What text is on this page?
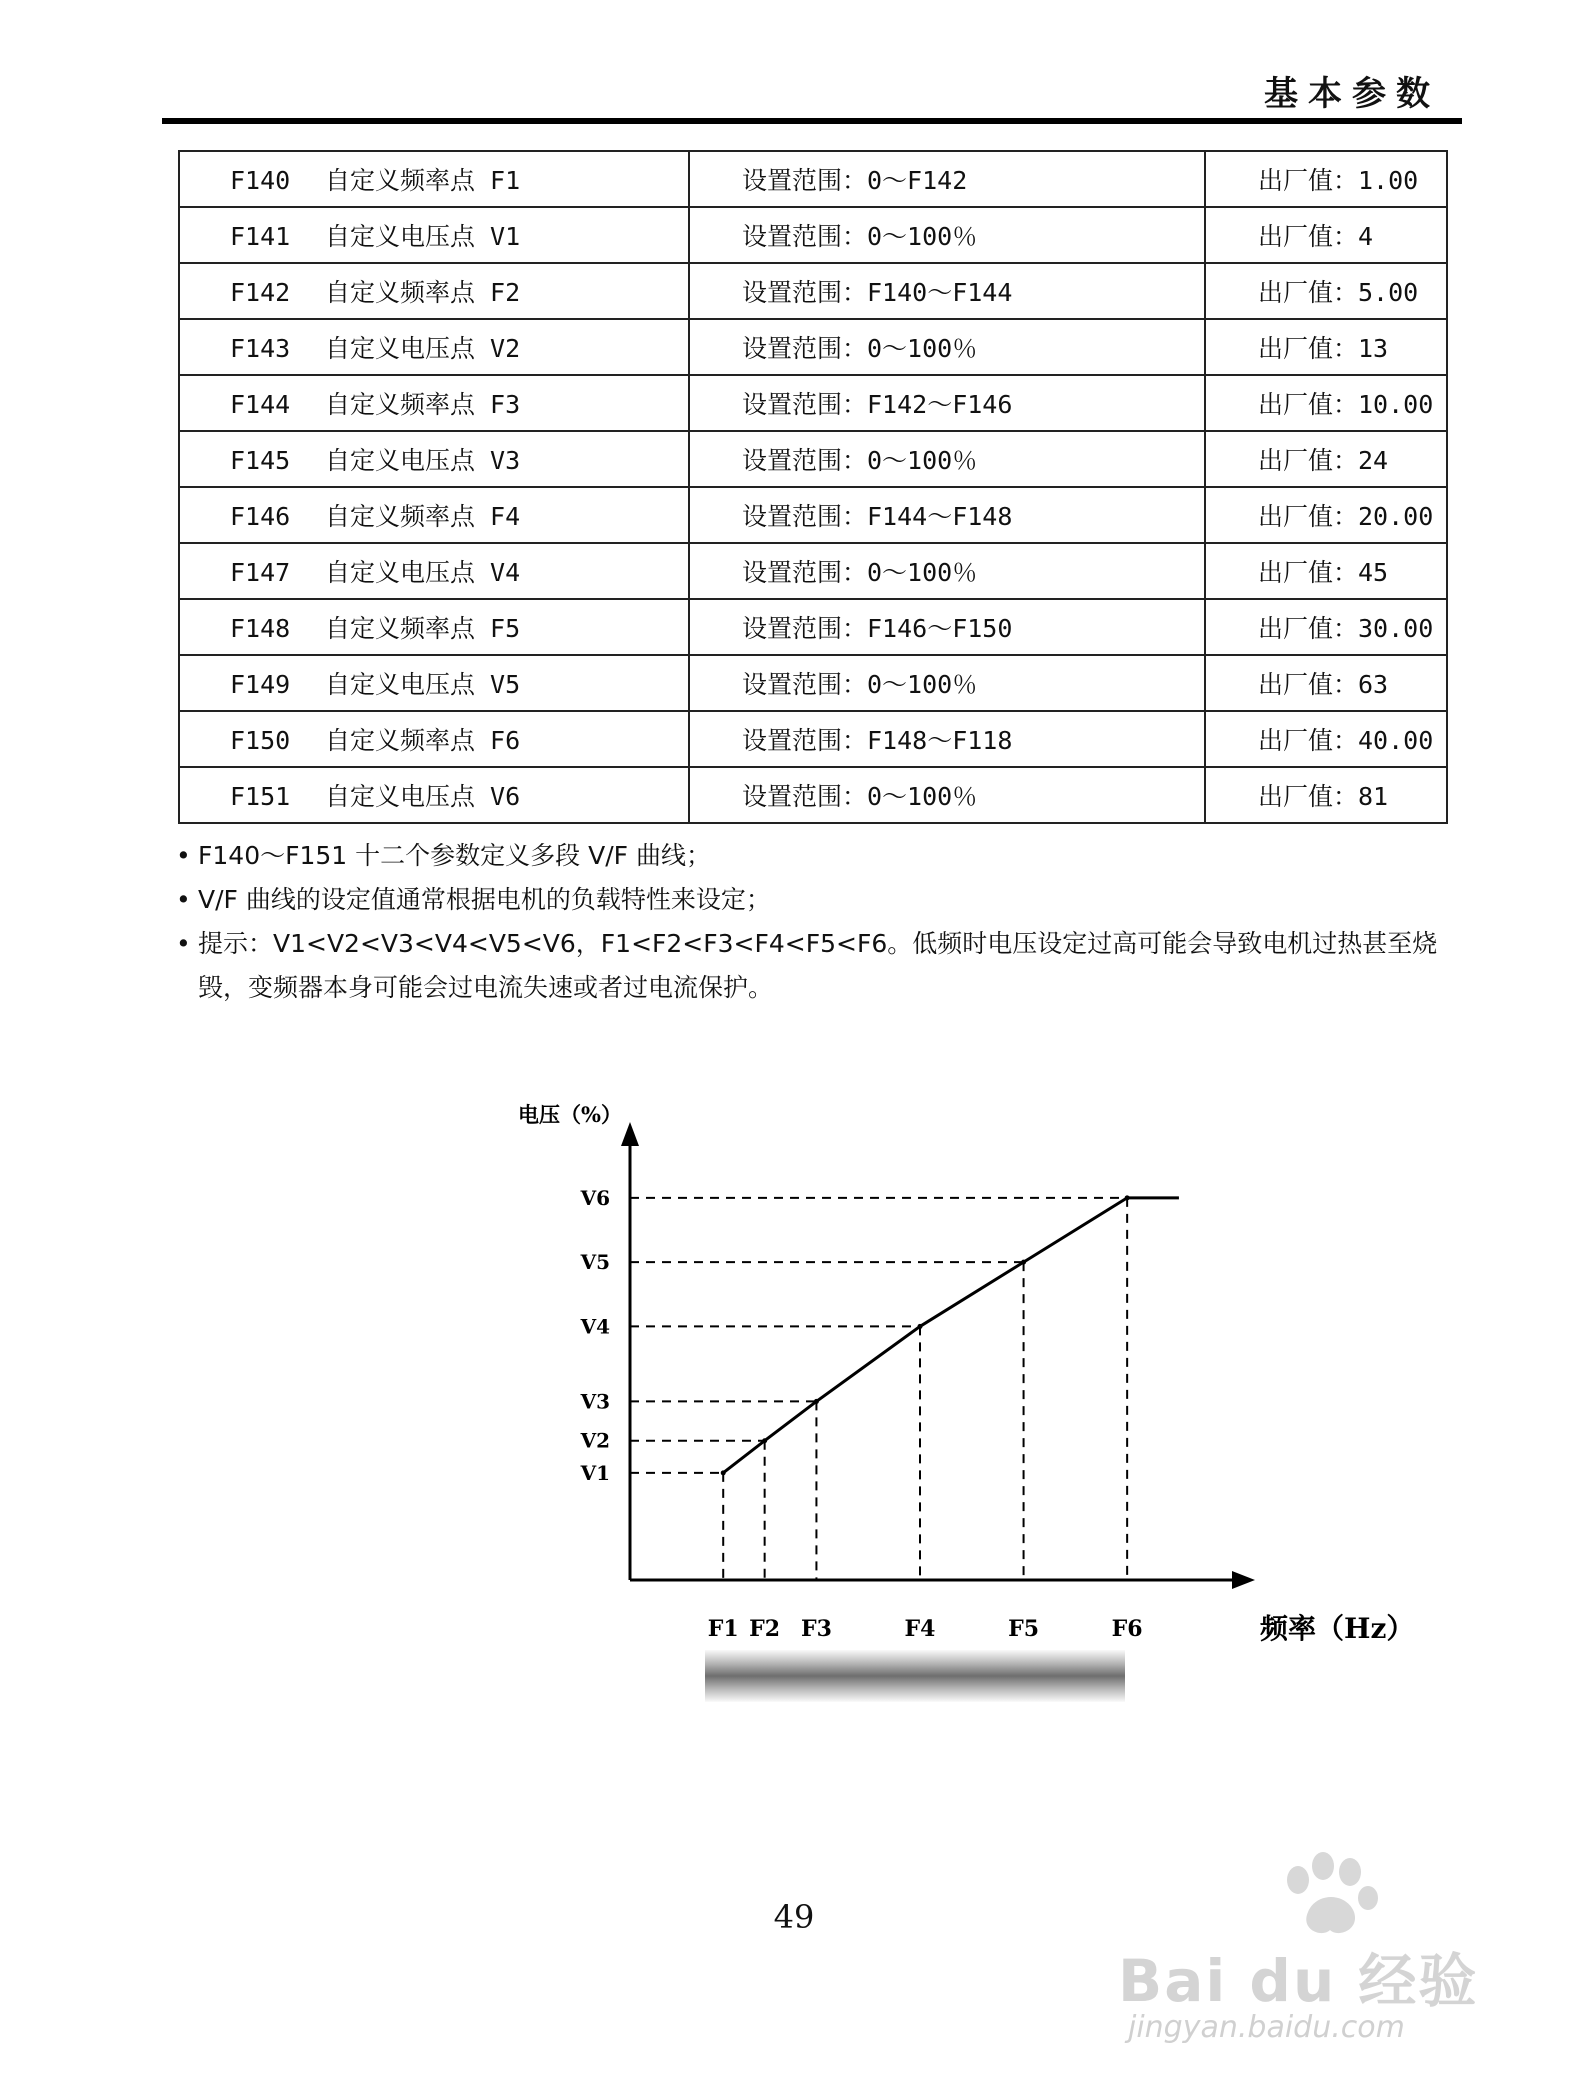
基本参数
F140 自定义频率点 F1	设置范围：0～F142	出厂值：1.00
F141 自定义电压点 V1	设置范围：0～100％	出厂值：4
F142 自定义频率点 F2	设置范围：F140～F144	出厂值：5.00
F143 自定义电压点 V2	设置范围：0～100％	出厂值：13
F144 自定义频率点 F3	设置范围：F142～F146	出厂值：10.00
F145 自定义电压点 V3	设置范围：0～100％	出厂值：24
F146 自定义频率点 F4	设置范围：F144～F148	出厂值：20.00
F147 自定义电压点 V4	设置范围：0～100％	出厂值：45
F148 自定义频率点 F5	设置范围：F146～F150	出厂值：30.00
F149 自定义电压点 V5	设置范围：0～100％	出厂值：63
F150 自定义频率点 F6	设置范围：F148～F118	出厂值：40.00
F151 自定义电压点 V6	设置范围：0～100％	出厂值：81
• F140～F151 十二个参数定义多段 V/F 曲线；
• V/F 曲线的设定值通常根据电机的负载特性来设定；
• 提示：V1<V2<V3<V4<V5<V6，F1<F2<F3<F4<F5<F6。低频时电压设定过高可能会导致电机过热甚至烧毁，变频器本身可能会过电流失速或者过电流保护。
V1
F1
V2
F2
V3
F3
V4
F4
V5
F5
V6
F6
电压（%）
频率（Hz）
49
Bai du 经验
jingyan.baidu.com
